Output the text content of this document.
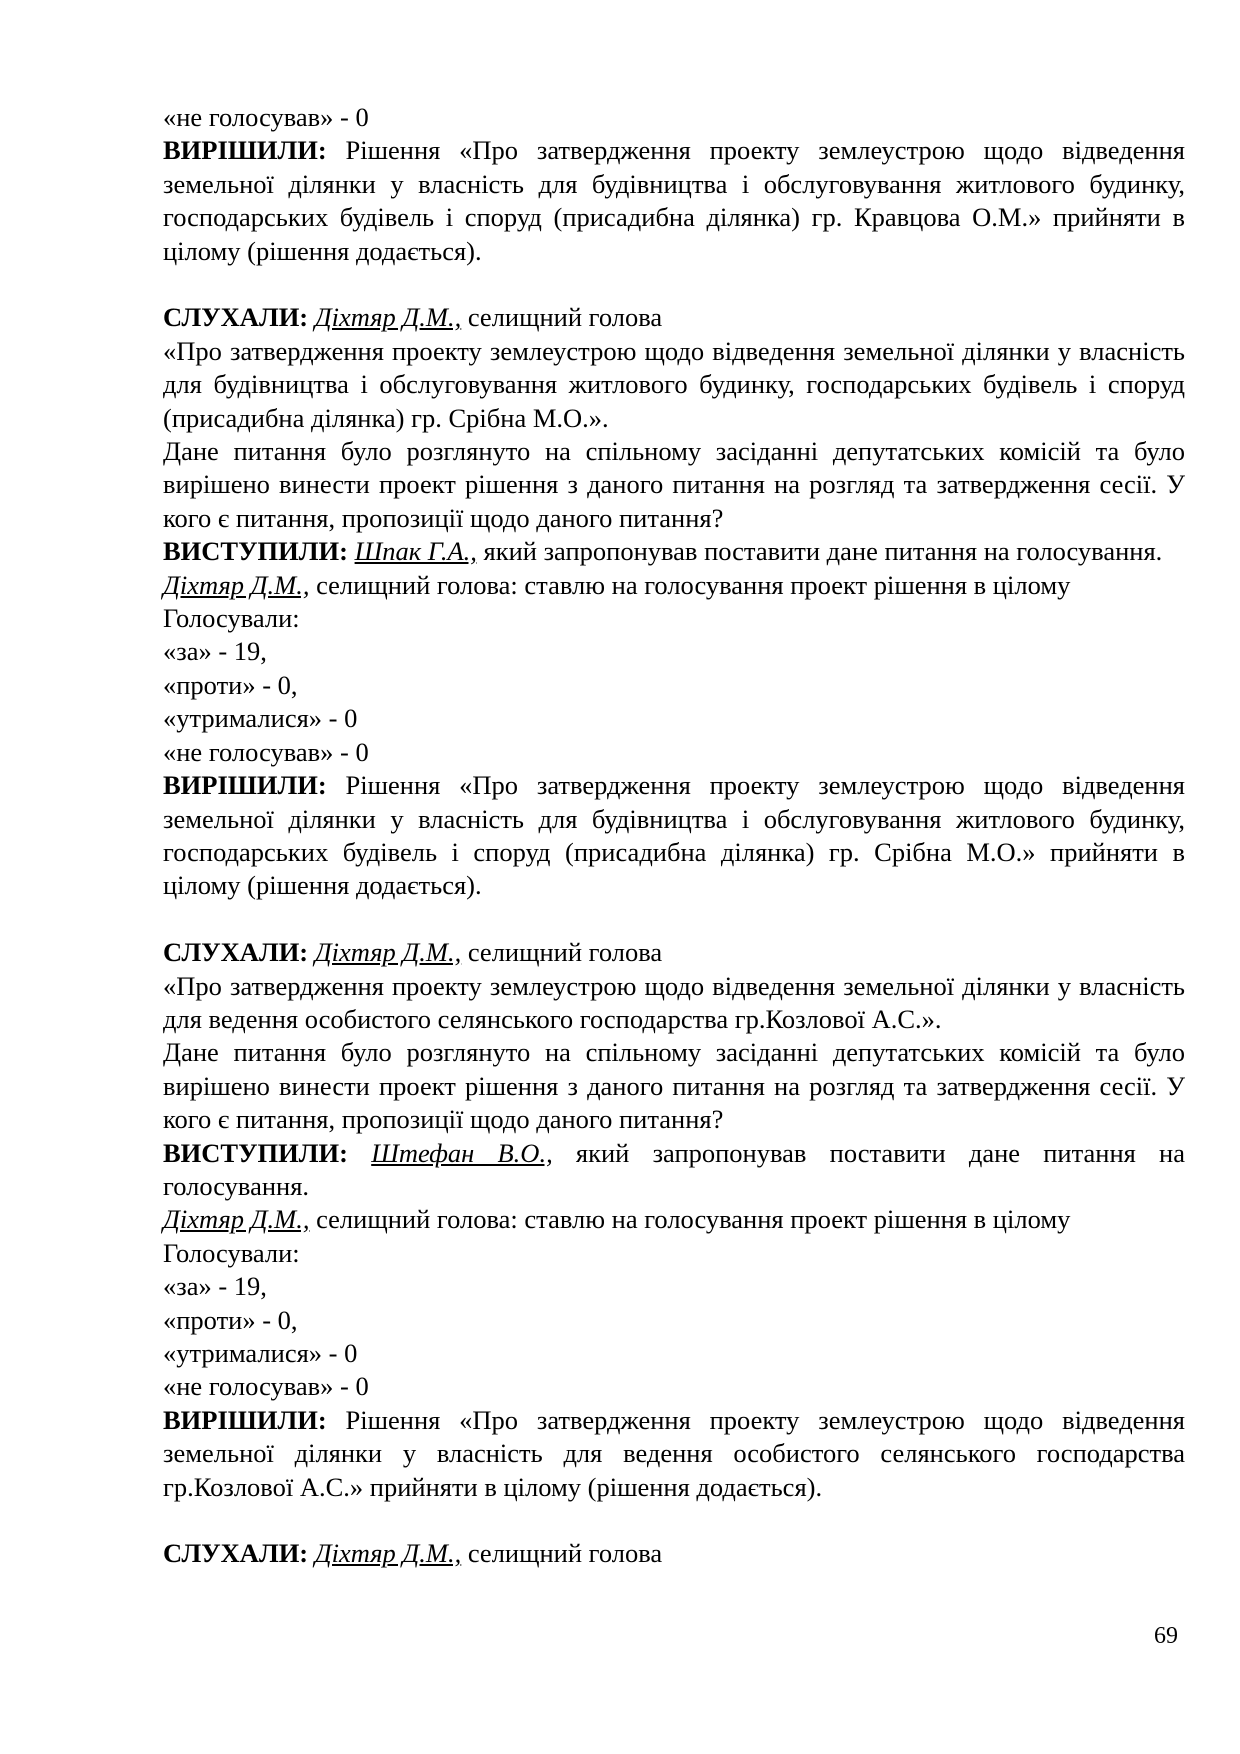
«не голосував» - 0

ВИРІШИЛИ: Рішення «Про затвердження проекту землеустрою щодо відведення земельної ділянки у власність для будівництва і обслуговування житлового будинку, господарських будівель і споруд (присадибна ділянка) гр. Кравцова О.М.» прийняти в цілому (рішення додається).

СЛУХАЛИ: Діхтяр Д.М., селищний голова

«Про затвердження проекту землеустрою щодо відведення земельної ділянки у власність для будівництва і обслуговування житлового будинку, господарських будівель і споруд (присадибна ділянка) гр. Срібна М.О.».

Дане питання було розглянуто на спільному засіданні депутатських комісій та було вирішено винести проект рішення з даного питання на розгляд та затвердження сесії. У кого є питання, пропозиції щодо даного питання?

ВИСТУПИЛИ: Шпак Г.А., який запропонував поставити дане питання на голосування.

Діхтяр Д.М., селищний голова: ставлю на голосування проект рішення в цілому

Голосували:

«за» - 19,

«проти» - 0,

«утрималися» - 0

«не голосував» - 0

ВИРІШИЛИ: Рішення «Про затвердження проекту землеустрою щодо відведення земельної ділянки у власність для будівництва і обслуговування житлового будинку, господарських будівель і споруд (присадибна ділянка) гр. Срібна М.О.» прийняти в цілому (рішення додається).

СЛУХАЛИ: Діхтяр Д.М., селищний голова

«Про затвердження проекту землеустрою щодо відведення земельної ділянки у власність для ведення особистого селянського господарства гр.Козлової А.С.».

Дане питання було розглянуто на спільному засіданні депутатських комісій та було вирішено винести проект рішення з даного питання на розгляд та затвердження сесії. У кого є питання, пропозиції щодо даного питання?

ВИСТУПИЛИ: Штефан В.О., який запропонував поставити дане питання на голосування.

Діхтяр Д.М., селищний голова: ставлю на голосування проект рішення в цілому

Голосували:

«за» - 19,

«проти» - 0,

«утрималися» - 0

«не голосував» - 0

ВИРІШИЛИ: Рішення «Про затвердження проекту землеустрою щодо відведення земельної ділянки у власність для ведення особистого селянського господарства гр.Козлової А.С.» прийняти в цілому (рішення додається).

СЛУХАЛИ: Діхтяр Д.М., селищний голова

69
